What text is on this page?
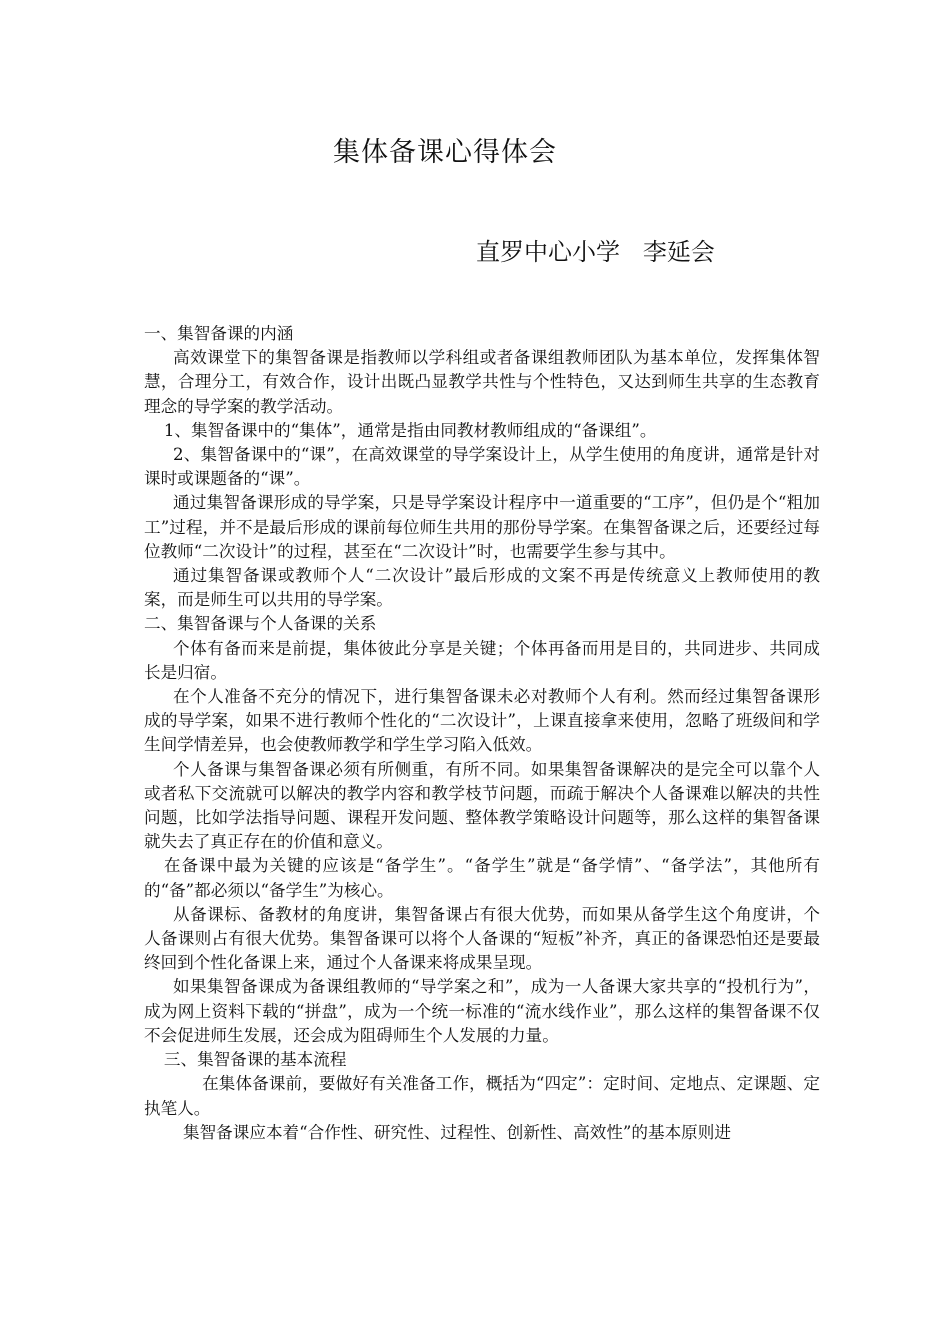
集体备课心得体会
直罗中心小学   李延会

一、集智备课的内涵

高效课堂下的集智备课是指教师以学科组或者备课组教师团队为基本单位，发挥集体智慧，合理分工，有效合作，设计出既凸显教学共性与个性特色，又达到师生共享的生态教育理念的导学案的教学活动。

1、集智备课中的“集体”，通常是指由同教材教师组成的“备课组”。

2、集智备课中的“课”，在高效课堂的导学案设计上，从学生使用的角度讲，通常是针对课时或课题备的“课”。

通过集智备课形成的导学案，只是导学案设计程序中一道重要的“工序”，但仍是个“粗加工”过程，并不是最后形成的课前每位师生共用的那份导学案。在集智备课之后，还要经过每位教师“二次设计”的过程，甚至在“二次设计”时，也需要学生参与其中。

通过集智备课或教师个人“二次设计”最后形成的文案不再是传统意义上教师使用的教案，而是师生可以共用的导学案。

二、集智备课与个人备课的关系

个体有备而来是前提，集体彼此分享是关键；个体再备而用是目的，共同进步、共同成长是归宿。

在个人准备不充分的情况下，进行集智备课未必对教师个人有利。然而经过集智备课形成的导学案，如果不进行教师个性化的“二次设计”，上课直接拿来使用，忽略了班级间和学生间学情差异，也会使教师教学和学生学习陷入低效。

个人备课与集智备课必须有所侧重，有所不同。如果集智备课解决的是完全可以靠个人或者私下交流就可以解决的教学内容和教学枝节问题，而疏于解决个人备课难以解决的共性问题，比如学法指导问题、课程开发问题、整体教学策略设计问题等，那么这样的集智备课就失去了真正存在的价值和意义。

在备课中最为关键的应该是“备学生”。“备学生”就是“备学情”、“备学法”，其他所有的“备”都必须以“备学生”为核心。

从备课标、备教材的角度讲，集智备课占有很大优势，而如果从备学生这个角度讲，个人备课则占有很大优势。集智备课可以将个人备课的“短板”补齐，真正的备课恐怕还是要最终回到个性化备课上来，通过个人备课来将成果呈现。

如果集智备课成为备课组教师的“导学案之和”，成为一人备课大家共享的“投机行为”，成为网上资料下载的“拼盘”，成为一个统一标准的“流水线作业”，那么这样的集智备课不仅不会促进师生发展，还会成为阻碍师生个人发展的力量。

三、集智备课的基本流程

在集体备课前，要做好有关准备工作，概括为“四定”：定时间、定地点、定课题、定执笔人。

集智备课应本着“合作性、研究性、过程性、创新性、高效性”的基本原则进
